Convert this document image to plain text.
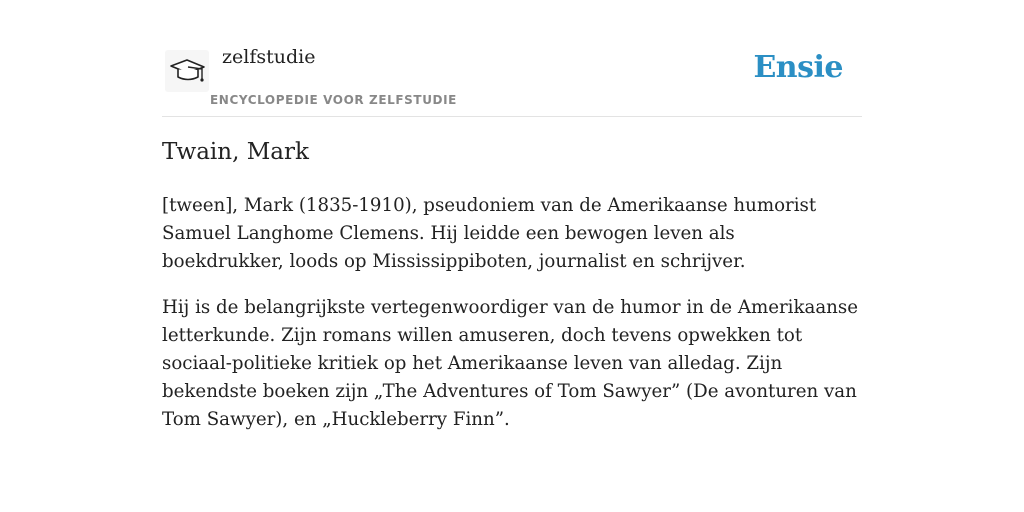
zelfstudie
ENCYCLOPEDIE VOOR ZELFSTUDIE
Ensie
Twain, Mark

[tween], Mark (1835-1910), pseudoniem van de Amerikaanse humorist Samuel Langhome Clemens. Hij leidde een bewogen leven als boekdrukker, loods op Mississippiboten, journalist en schrijver.

Hij is de belangrijkste vertegenwoordiger van de humor in de Amerikaanse letterkunde. Zijn romans willen amuseren, doch tevens opwekken tot sociaal-politieke kritiek op het Amerikaanse leven van alledag. Zijn bekendste boeken zijn „The Adventures of Tom Sawyer” (De avonturen van Tom Sawyer), en „Huckleberry Finn”.
